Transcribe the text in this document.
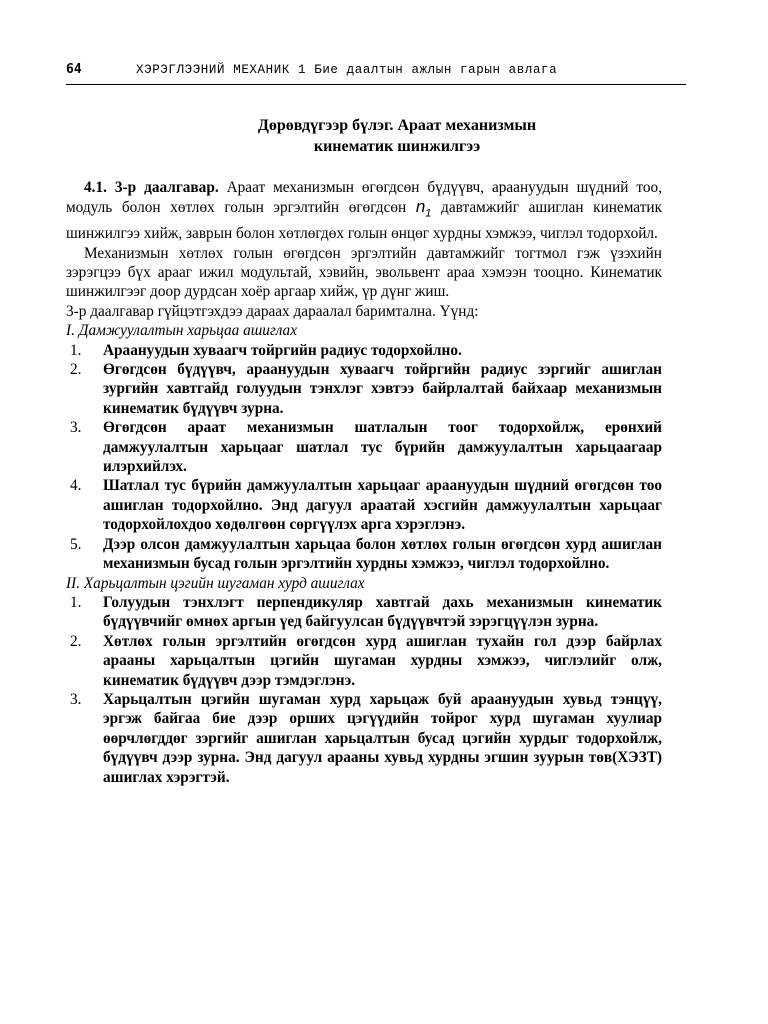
64	ХЭРЭГЛЭЭНИЙ МЕХАНИК 1 Бие даалтын ажлын гарын авлага
Дөрөвдүгээр бүлэг. Араат механизмын
кинематик шинжилгээ

4.1. 3-р даалгавар. Араат механизмын өгөгдсөн бүдүүвч, араануудын шүдний тоо, модуль болон хөтлөх голын эргэлтийн өгөгдсөн $n_1$ давтамжийг ашиглан кинематик шинжилгээ хийж, заврын болон хөтлөгдөх голын өнцөг хурдны хэмжээ, чиглэл тодорхойл.

Механизмын хөтлөх голын өгөгдсөн эргэлтийн давтамжийг тогтмол гэж үзэхийн зэрэгцээ бүх арааг ижил модультай, хэвийн, эвольвент араа хэмээн тооцно. Кинематик шинжилгээг доор дурдсан хоёр аргаар хийж, үр дүнг жиш.

3-р даалгавар гүйцэтгэхдээ дараах дараалал баримтална. Үүнд:

I. Дамжуулалтын харьцаа ашиглах

1.	Араануудын хуваагч тойргийн радиус тодорхойлно.
2.	Өгөгдсөн бүдүүвч, араануудын хуваагч тойргийн радиус зэргийг ашиглан зургийн хавтгайд голуудын тэнхлэг хэвтээ байрлалтай байхаар механизмын кинематик бүдүүвч зурна.
3.	Өгөгдсөн араат механизмын шатлалын тоог тодорхойлж, ерөнхий дамжуулалтын харьцааг шатлал тус бүрийн дамжуулалтын харьцаагаар илэрхийлэх.
4.	Шатлал тус бүрийн дамжуулалтын харьцааг араануудын шүдний өгөгдсөн тоо ашиглан тодорхойлно. Энд дагуул араатай хэсгийн дамжуулалтын харьцааг тодорхойлохдоо хөдөлгөөн сөргүүлэх арга хэрэглэнэ.
5.	Дээр олсон дамжуулалтын харьцаа болон хөтлөх голын өгөгдсөн хурд ашиглан механизмын бусад голын эргэлтийн хурдны хэмжээ, чиглэл тодорхойлно.

II. Харьцалтын цэгийн шугаман хурд ашиглах

1.	Голуудын тэнхлэгт перпендикуляр хавтгай дахь механизмын кинематик бүдүүвчийг өмнөх аргын үед байгуулсан бүдүүвчтэй зэрэгцүүлэн зурна.
2.	Хөтлөх голын эргэлтийн өгөгдсөн хурд ашиглан тухайн гол дээр байрлах арааны харьцалтын цэгийн шугаман хурдны хэмжээ, чиглэлийг олж, кинематик бүдүүвч дээр тэмдэглэнэ.
3.	Харьцалтын цэгийн шугаман хурд харьцаж буй араануудын хувьд тэнцүү, эргэж байгаа бие дээр орших цэгүүдийн тойрог хурд шугаман хуулиар өөрчлөгддөг зэргийг ашиглан харьцалтын бусад цэгийн хурдыг тодорхойлж, бүдүүвч дээр зурна. Энд дагуул арааны хувьд хурдны эгшин зуурын төв(ХЭЗТ) ашиглах хэрэгтэй.
